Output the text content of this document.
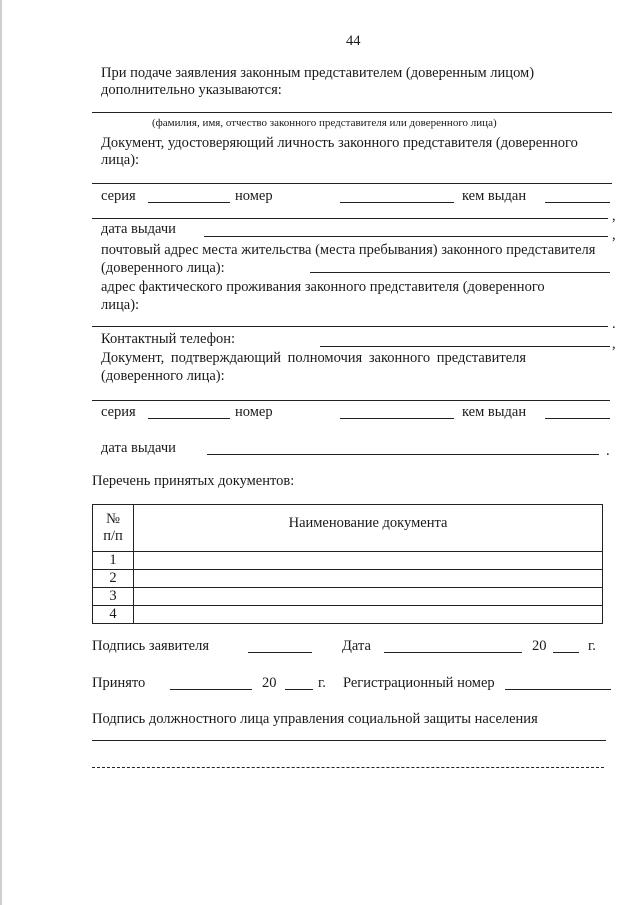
44
При подаче заявления законным представителем (доверенным лицом)
дополнительно указываются:
(фамилия, имя, отчество законного представителя или доверенного лица)
Документ, удостоверяющий личность законного представителя (доверенного
лица):
серия	номер	кем выдан
,
дата выдачи	,
почтовый адрес места жительства (места пребывания) законного представителя
(доверенного лица):
адрес фактического проживания законного представителя (доверенного
лица):
.
Контактный телефон:	,
Документ, подтверждающий полномочия законного представителя
(доверенного лица):
серия	номер	кем выдан
дата выдачи	.
Перечень принятых документов:
№ п/п	Наименование документа
1	
2	
3	
4	
Подпись заявителя	Дата	20	г.
Принято	20	г. Регистрационный номер
Подпись должностного лица управления социальной защиты населения
